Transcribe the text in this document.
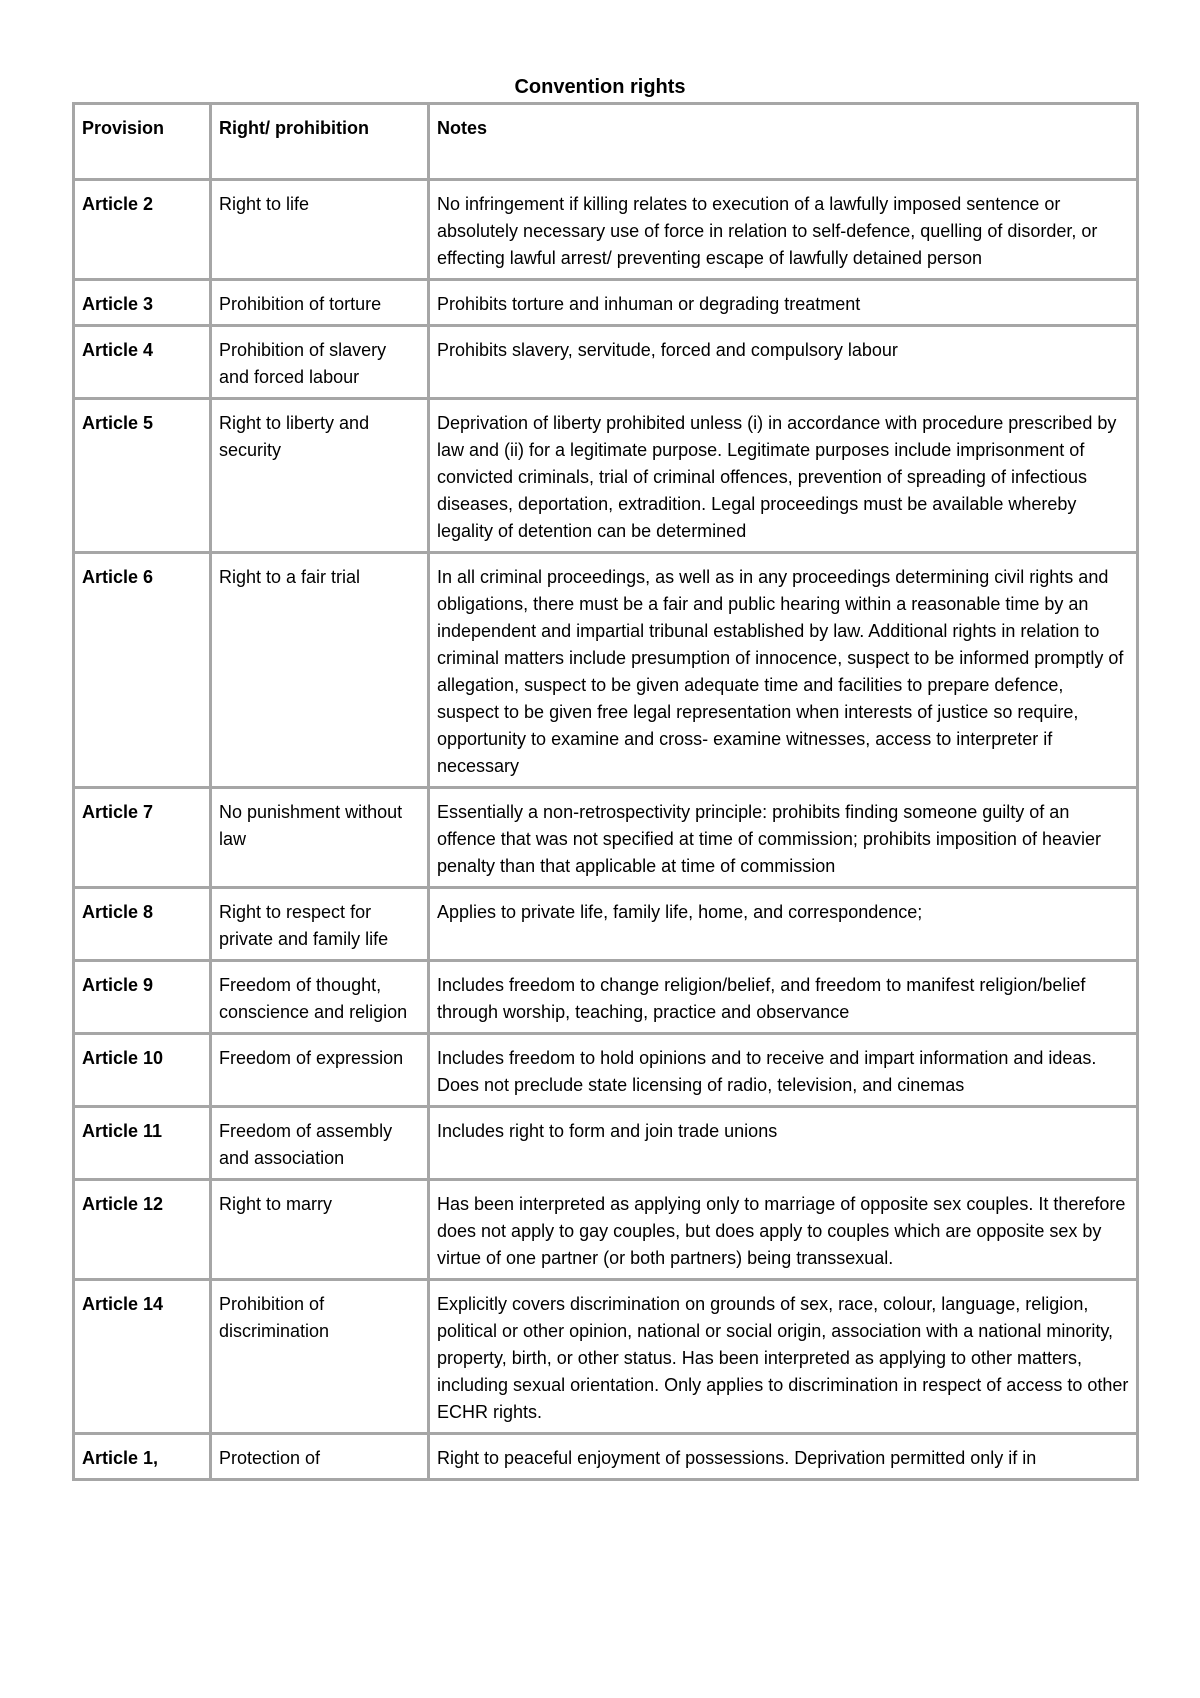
Convention rights
Provision	Right/ prohibition	Notes
Article 2	Right to life	No infringement if killing relates to execution of a lawfully imposed sentence or absolutely necessary use of force in relation to self-defence, quelling of disorder, or effecting lawful arrest/ preventing escape of lawfully detained person

Article 3	Prohibition of torture	Prohibits torture and inhuman or degrading treatment

Article 4	Prohibition of slavery and forced labour	Prohibits slavery, servitude, forced and compulsory labour

Article 5	Right to liberty and security	Deprivation of liberty prohibited unless (i) in accordance with procedure prescribed by law and (ii) for a legitimate purpose. Legitimate purposes include imprisonment of convicted criminals, trial of criminal offences, prevention of spreading of infectious diseases, deportation, extradition. Legal proceedings must be available whereby legality of detention can be determined

Article 6	Right to a fair trial	In all criminal proceedings, as well as in any proceedings determining civil rights and obligations, there must be a fair and public hearing within a reasonable time by an independent and impartial tribunal established by law. Additional rights in relation to criminal matters include presumption of innocence, suspect to be informed promptly of allegation, suspect to be given adequate time and facilities to prepare defence, suspect to be given free legal representation when interests of justice so require, opportunity to examine and cross- examine witnesses, access to interpreter if necessary

Article 7	No punishment without law	Essentially a non-retrospectivity principle: prohibits finding someone guilty of an offence that was not specified at time of commission; prohibits imposition of heavier penalty than that applicable at time of commission

Article 8	Right to respect for private and family life	Applies to private life, family life, home, and correspondence;

Article 9	Freedom of thought, conscience and religion	Includes freedom to change religion/belief, and freedom to manifest religion/belief through worship, teaching, practice and observance

Article 10	Freedom of expression	Includes freedom to hold opinions and to receive and impart information and ideas.
Does not preclude state licensing of radio, television, and cinemas

Article 11	Freedom of assembly and association	Includes right to form and join trade unions

Article 12	Right to marry	Has been interpreted as applying only to marriage of opposite sex couples. It therefore does not apply to gay couples, but does apply to couples which are opposite sex by virtue of one partner (or both partners) being transsexual.

Article 14	Prohibition of discrimination	Explicitly covers discrimination on grounds of sex, race, colour, language, religion, political or other opinion, national or social origin, association with a national minority, property, birth, or other status. Has been interpreted as applying to other matters, including sexual orientation. Only applies to discrimination in respect of access to other ECHR rights.

Article 1,	Protection of	Right to peaceful enjoyment of possessions. Deprivation permitted only if in
